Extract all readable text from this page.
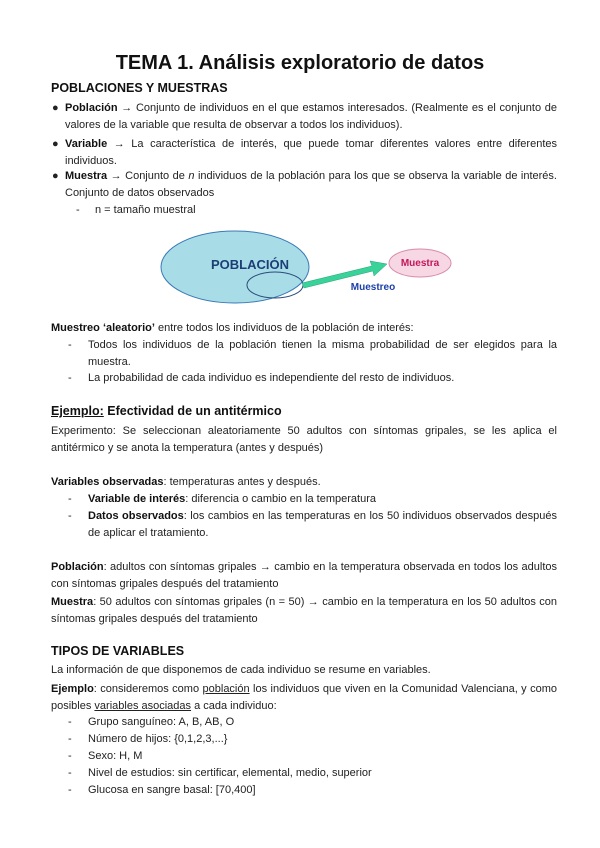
TEMA 1. Análisis exploratorio de datos
POBLACIONES Y MUESTRAS
● Población → Conjunto de individuos en el que estamos interesados. (Realmente es el conjunto de valores de la variable que resulta de observar a todos los individuos).
● Variable → La característica de interés, que puede tomar diferentes valores entre diferentes individuos.
● Muestra → Conjunto de n individuos de la población para los que se observa la variable de interés. Conjunto de datos observados
- n = tamaño muestral
POBLACIÓN	Muestra
Muestreo
Muestreo ‘aleatorio’ entre todos los individuos de la población de interés:
- Todos los individuos de la población tienen la misma probabilidad de ser elegidos para la muestra.
- La probabilidad de cada individuo es independiente del resto de individuos.
Ejemplo: Efectividad de un antitérmico
Experimento: Se seleccionan aleatoriamente 50 adultos con síntomas gripales, se les aplica el antitérmico y se anota la temperatura (antes y después)
Variables observadas: temperaturas antes y después.
- Variable de interés: diferencia o cambio en la temperatura
- Datos observados: los cambios en las temperaturas en los 50 individuos observados después de aplicar el tratamiento.
Población: adultos con síntomas gripales → cambio en la temperatura observada en todos los adultos con síntomas gripales después del tratamiento
Muestra: 50 adultos con síntomas gripales (n = 50) → cambio en la temperatura en los 50 adultos con síntomas gripales después del tratamiento
TIPOS DE VARIABLES
La información de que disponemos de cada individuo se resume en variables.
Ejemplo: consideremos como población los individuos que viven en la Comunidad Valenciana, y como posibles variables asociadas a cada individuo:
- Grupo sanguíneo: A, B, AB, O
- Número de hijos: {0,1,2,3,...}
- Sexo: H, M
- Nivel de estudios: sin certificar, elemental, medio, superior
- Glucosa en sangre basal: [70,400]
